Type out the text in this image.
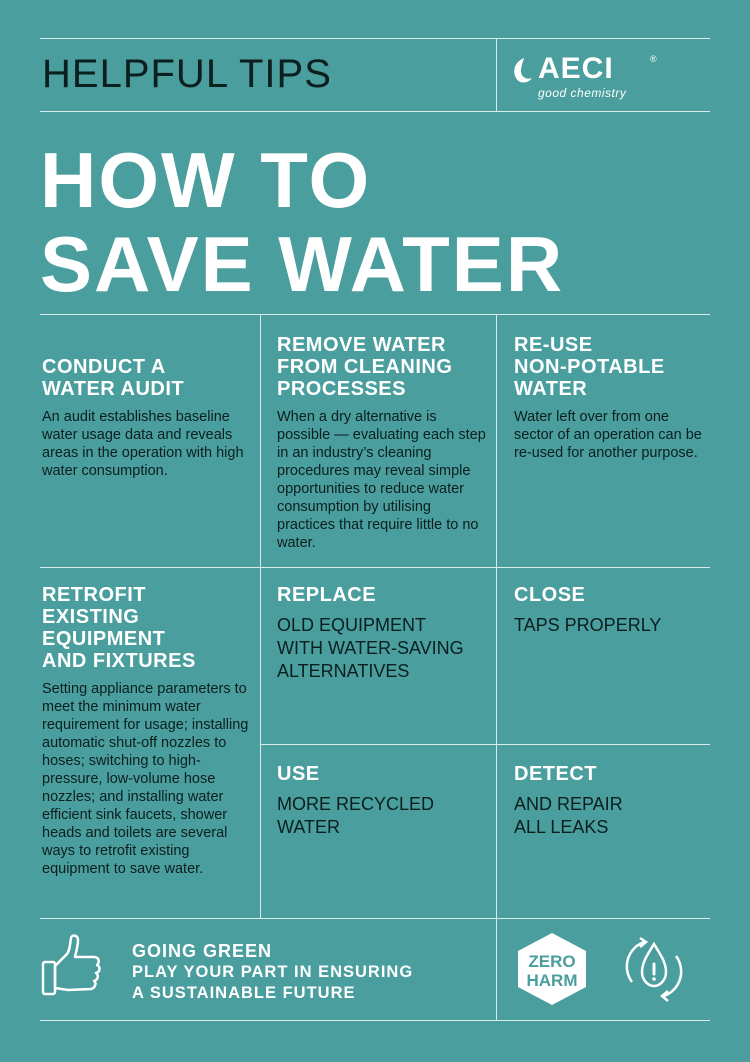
HELPFUL TIPS	AECI	®
good chemistry
HOW TO
SAVE WATER
CONDUCT A
WATER AUDIT

An audit establishes baseline water usage data and reveals areas in the operation with high water consumption.

REMOVE WATER
FROM CLEANING
PROCESSES

When a dry alternative is possible — evaluating each step in an industry’s cleaning procedures may reveal simple opportunities to reduce water consumption by utilising practices that require little to no water.

RE-USE
NON-POTABLE
WATER

Water left over from one sector of an operation can be re-used for another purpose.

RETROFIT
EXISTING
EQUIPMENT
AND FIXTURES

Setting appliance parameters to meet the minimum water requirement for usage; installing automatic shut-off nozzles to hoses; switching to high-pressure, low-volume hose nozzles; and installing water efficient sink faucets, shower heads and toilets are several ways to retrofit existing equipment to save water.

REPLACE
OLD EQUIPMENT
WITH WATER-SAVING
ALTERNATIVES
CLOSE
TAPS PROPERLY
USE
MORE RECYCLED
WATER
DETECT
AND REPAIR
ALL LEAKS
GOING GREEN
PLAY YOUR PART IN ENSURING
A SUSTAINABLE FUTURE
ZERO
HARM
